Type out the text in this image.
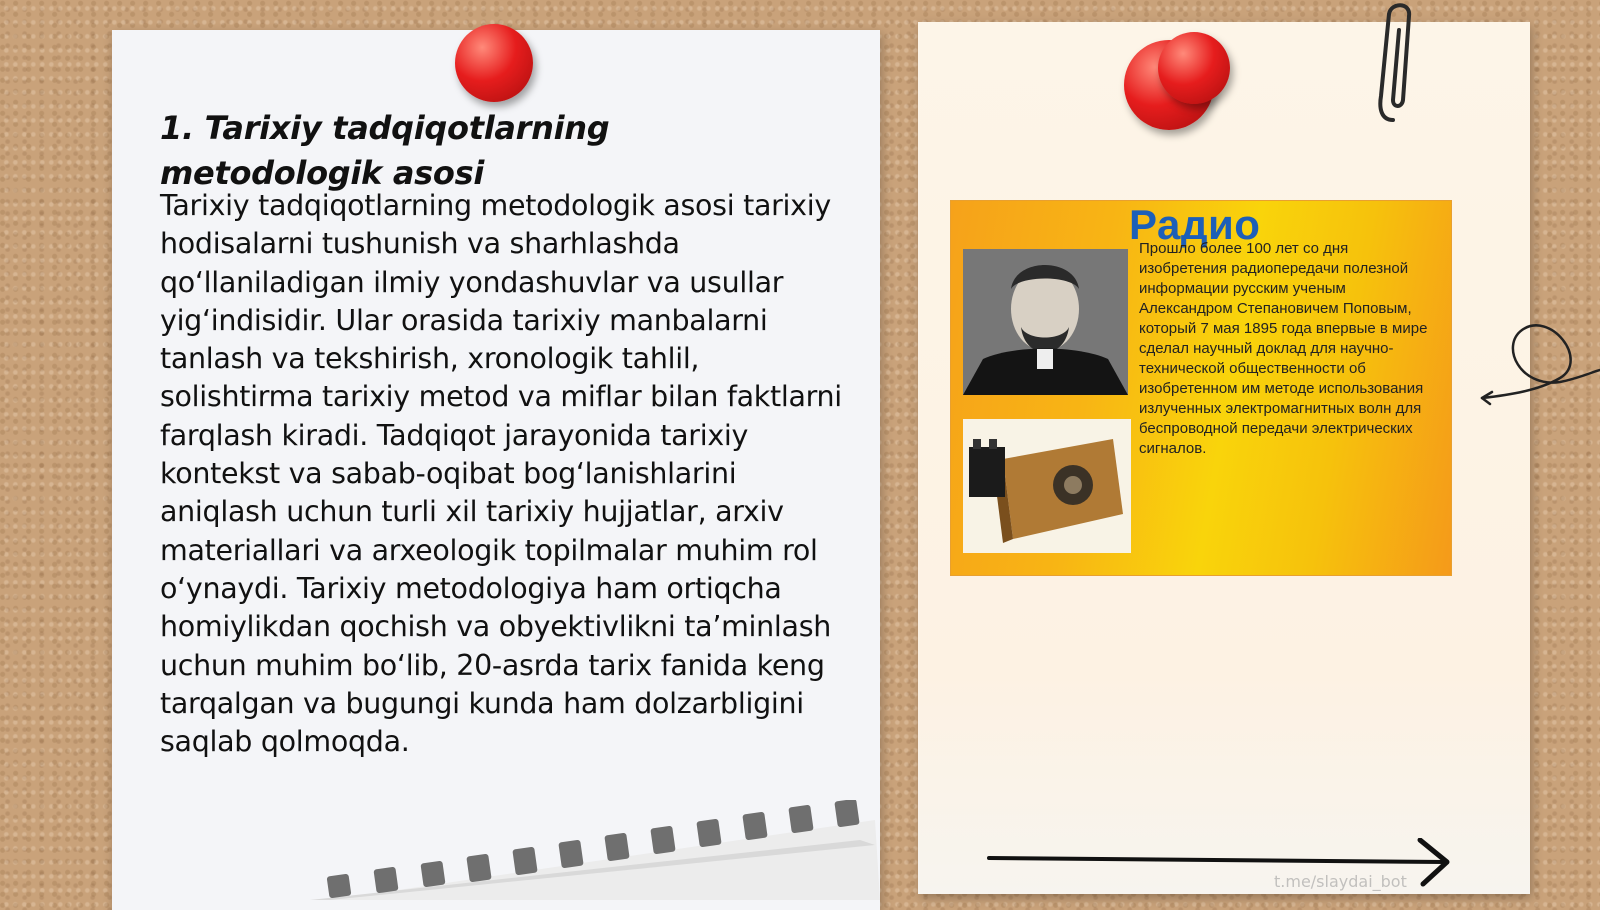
1. Tarixiy tadqiqotlarning metodologik asosi

Tarixiy tadqiqotlarning metodologik asosi tarixiy hodisalarni tushunish va sharhlashda qo‘llaniladigan ilmiy yondashuvlar va usullar yig‘indisidir. Ular orasida tarixiy manbalarni tanlash va tekshirish, xronologik tahlil, solishtirma tarixiy metod va miflar bilan faktlarni farqlash kiradi. Tadqiqot jarayonida tarixiy kontekst va sabab-oqibat bog‘lanishlarini aniqlash uchun turli xil tarixiy hujjatlar, arxiv materiallari va arxeologik topilmalar muhim rol o‘ynaydi. Tarixiy metodologiya ham ortiqcha homiylikdan qochish va obyektivlikni ta’minlash uchun muhim bo‘lib, 20-asrda tarix fanida keng tarqalgan va bugungi kunda ham dolzarbligini saqlab qolmoqda.

Радио

Прошло более 100 лет со дня изобретения радиопередачи полезной информации русским ученым Александром Степановичем Поповым, который 7 мая 1895 года впервые в мире сделал научный доклад для научно-технической общественности об изобретенном им методе использования излученных электромагнитных волн для беспроводной передачи электрических сигналов.

t.me/slaydai_bot
